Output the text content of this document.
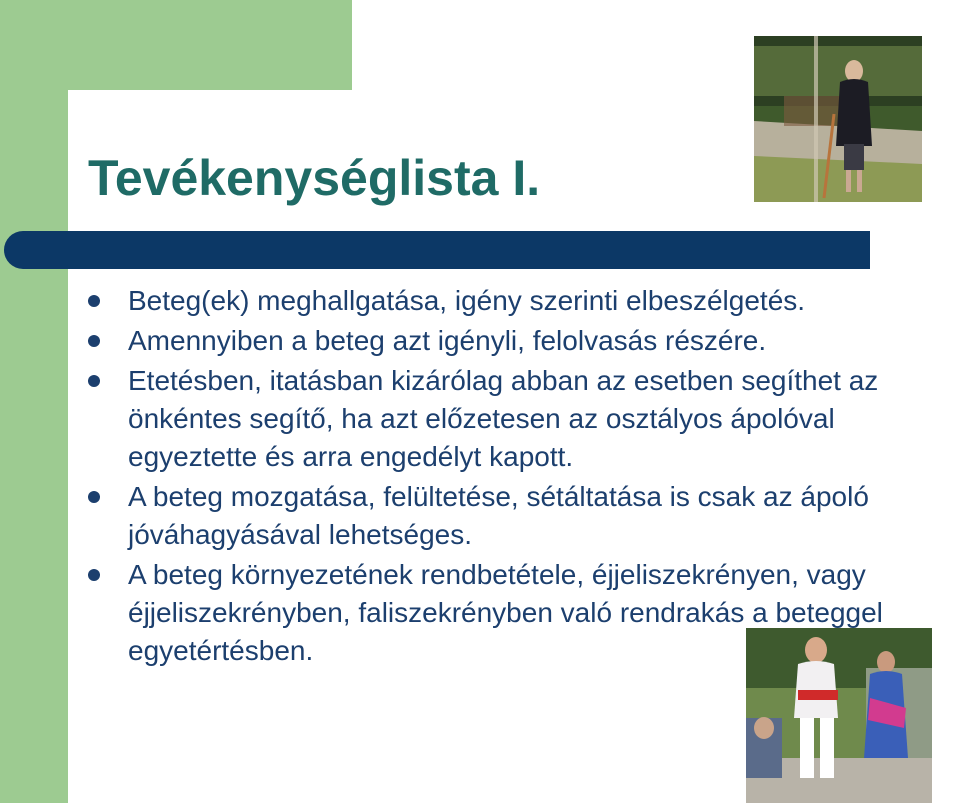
Tevékenységlista I.
Beteg(ek) meghallgatása, igény szerinti elbeszélgetés.
Amennyiben a beteg azt igényli, felolvasás részére.
Etetésben, itatásban kizárólag abban az esetben segíthet az önkéntes segítő, ha azt előzetesen az osztályos ápolóval egyeztette és arra engedélyt kapott.
A beteg mozgatása, felültetése, sétáltatása is csak az ápoló jóváhagyásával lehetséges.
A beteg környezetének rendbetétele, éjjeliszekrényen, vagy éjjeliszekrényben, faliszekrényben való rendrakás a beteggel egyetértésben.
